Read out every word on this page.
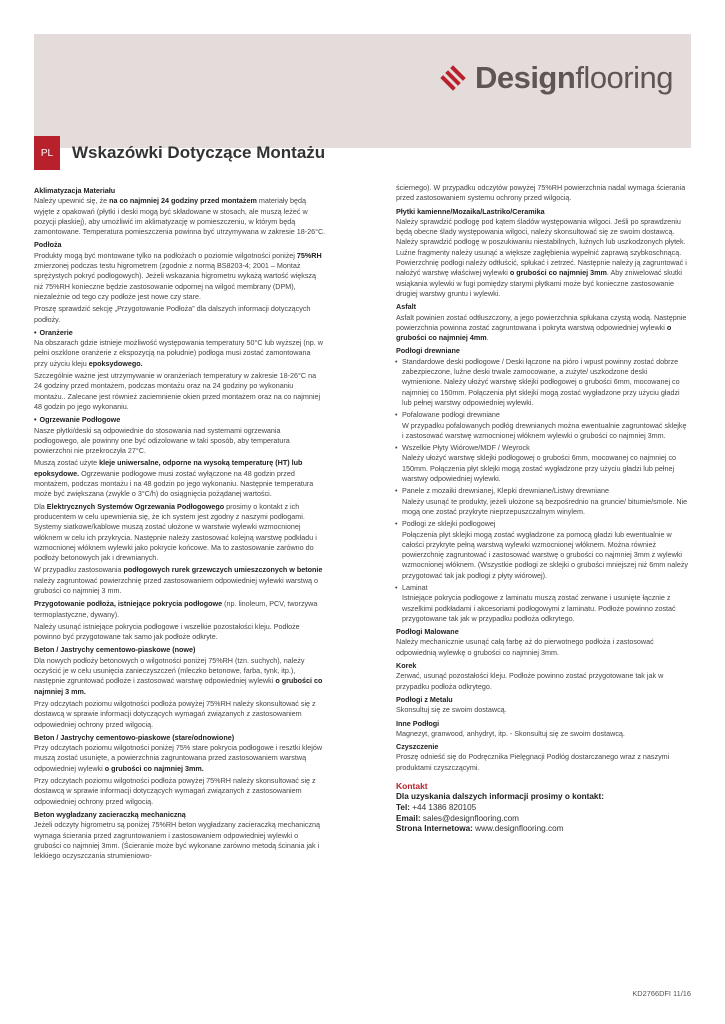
Designflooring
PL	Wskazówki Dotyczące Montażu
Aklimatyzacja Materiału
Należy upewnić się, że na co najmniej 24 godziny przed montażem materiały będą wyjęte z opakowań (płytki i deski mogą być składowane w stosach, ale muszą leżeć w pozycji płaskiej), aby umożliwić im aklimatyzację w pomieszczeniu, w którym będą zamontowane. Temperatura pomieszczenia powinna być utrzymywana w zakresie 18-26°C.
Podłoża
Produkty mogą być montowane tylko na podłożach o poziomie wilgotności poniżej 75%RH zmierzonej podczas testu higrometrem (zgodnie z normą BS8203-4; 2001 – Montaż sprężystych pokryć podłogowych). Jeżeli wskazania higrometru wykażą wartość większą niż 75%RH konieczne będzie zastosowanie odpornej na wilgoć membrany (DPM), niezależnie od tego czy podłoże jest nowe czy stare.
Proszę sprawdzić sekcję „Przygotowanie Podłoża” dla dalszych informacji dotyczących podłoży.
• Oranżerie
Na obszarach gdzie istnieje możliwość występowania temperatury 50°C lub wyższej (np. w pełni oszklone oranżerie z ekspozycją na południe) podłoga musi zostać zamontowana przy użyciu kleju epoksydowego.
Szczególnie ważne jest utrzymywanie w oranżeriach temperatury w zakresie 18-26°C na 24 godziny przed montażem, podczas montażu oraz na 24 godziny po wykonaniu montażu.. Zalecane jest również zaciemnienie okien przed montażem oraz na co najmniej 48 godzin po jego wykonaniu.
• Ogrzewanie Podłogowe
Nasze płytki/deski są odpowiednie do stosowania nad systemami ogrzewania podłogowego, ale powinny one być odizolowane w taki sposób, aby temperatura powierzchni nie przekroczyła 27°C.
Muszą zostać użyte kleje uniwersalne, odporne na wysoką temperaturę (HT) lub epoksydowe. Ogrzewanie podłogowe musi zostać wyłączone na 48 godzin przed montażem, podczas montażu i na 48 godzin po jego wykonaniu. Następnie temperatura może być zwiększana (zwykle o 3°C/h) do osiągnięcia pożądanej wartości.
Dla Elektrycznych Systemów Ogrzewania Podłogowego prosimy o kontakt z ich producentem w celu upewnienia się, że ich system jest zgodny z naszymi podłogami. Systemy siatkowe/kablowe muszą zostać ułożone w warstwie wylewki wzmocnionej włóknem w celu ich przykrycia. Następnie należy zastosować kolejną warstwę podkładu i wzmocnionej włóknem wylewki jako pokrycie końcowe. Ma to zastosowanie zarówno do podłoży betonowych jak i drewnianych.
W przypadku zastosowania podłogowych rurek grzewczych umieszczonych w betonie należy zagruntować powierzchnię przed zastosowaniem odpowiedniej wylewki warstwą o grubości co najmniej 3 mm.
Przygotowanie podłoża, istniejące pokrycia podłogowe (np. linoleum, PCV, tworzywa termoplastyczne, dywany).
Należy usunąć istniejące pokrycia podłogowe i wszelkie pozostałości kleju. Podłoże powinno być przygotowane tak samo jak podłoże odkryte.
Beton / Jastrychy cementowo-piaskowe (nowe)
Dla nowych podłoży betonowych o wilgotności poniżej 75%RH (tzn. suchych), należy oczyścić je w celu usunięcia zanieczyszczeń (mleczko betonowe, farba, tynk, itp.), następnie zgruntować podłoże i zastosować warstwę odpowiedniej wylewki o grubości co najmniej 3 mm.
Przy odczytach poziomu wilgotności podłoża powyżej 75%RH należy skonsultować się z dostawcą w sprawie informacji dotyczących wymagań związanych z zastosowaniem odpowiedniej ochrony przed wilgocią.
Beton / Jastrychy cementowo-piaskowe (stare/odnowione)
Przy odczytach poziomu wilgotności poniżej 75% stare pokrycia podłogowe i resztki klejów muszą zostać usunięte, a powierzchnia zagruntowana przed zastosowaniem warstwą odpowiedniej wylewki o grubości co najmniej 3mm.
Przy odczytach poziomu wilgotności podłoża powyżej 75%RH należy skonsultować się z dostawcą w sprawie informacji dotyczących wymagań związanych z zastosowaniem odpowiedniej ochrony przed wilgocią.
Beton wygładzany zacieraczką mechaniczną
Jeżeli odczyty higrometru są poniżej 75%RH beton wygładzany zacieraczką mechaniczną wymaga ścierania przed zagruntowaniem i zastosowaniem odpowiedniej wylewki o grubości co najmniej 3mm. (Ścieranie może być wykonane zarówno metodą ścinania jak i lekkiego oczyszczania strumieniowo-
ściernego). W przypadku odczytów powyżej 75%RH powierzchnia nadal wymaga ścierania przed zastosowaniem systemu ochrony przed wilgocią.
Płytki kamienne/Mozaika/Lastriko/Ceramika
Należy sprawdzić podłogę pod kątem śladów występowania wilgoci. Jeśli po sprawdzeniu będą obecne ślady występowania wilgoci, należy skonsultować się ze swoim dostawcą. Należy sprawdzić podłogę w poszukiwaniu niestabilnych, luźnych lub uszkodzonych płytek. Luźne fragmenty należy usunąć a większe zagłębienia wypełnić zaprawą szybkoschnącą. Powierzchnię podłogi należy odtłuścić, spłukać i zetrzeć. Następnie należy ją zagruntować i nałożyć warstwę właściwej wylewki o grubości co najmniej 3mm. Aby zniwelować skutki wsiąkania wylewki w fugi pomiędzy starymi płytkami może być konieczne zastosowanie drugiej warstwy gruntu i wylewki.
Asfalt
Asfalt powinien zostać odtłuszczony, a jego powierzchnia spłukana czystą wodą. Następnie powierzchnia powinna zostać zagruntowana i pokryta warstwą odpowiedniej wylewki o grubości co najmniej 4mm.
Podłogi drewniane
• Standardowe deski podłogowe / Deski łączone na pióro i wpust powinny zostać dobrze zabezpieczone, luźne deski trwale zamocowane, a zużyte/ uszkodzone deski wymienione. Należy ułożyć warstwę sklejki podłogowej o grubości 6mm, mocowanej co najmniej co 150mm. Połączenia płyt sklejki mogą zostać wygładzone przy użyciu gładzi lub pełnej warstwy odpowiedniej wylewki.
• Pofalowane podłogi drewniane
W przypadku pofalowanych podłóg drewnianych można ewentualnie zagruntować sklejkę i zastosować warstwę wzmocnionej włóknem wylewki o grubości co najmniej 3mm.
• Wszelkie Płyty Wiórowe/MDF / Weyrock
Należy ułożyć warstwę sklejki podłogowej o grubości 6mm, mocowanej co najmniej co 150mm. Połączenia płyt sklejki mogą zostać wygładzone przy użyciu gładzi lub pełnej warstwy odpowiedniej wylewki.
• Panele z mozaiki drewnianej, Klepki drewniane/Listwy drewniane
Należy usunąć te produkty, jeżeli ułożone są bezpośrednio na gruncie/ bitumie/smole. Nie mogą one zostać przykryte nieprzepuszczalnym winylem.
• Podłogi ze sklejki podłogowej
Połączenia płyt sklejki mogą zostać wygładzone za pomocą gładzi lub ewentualnie w całości przykryte pełną warstwą wylewki wzmocnionej włóknem. Można również powierzchnię zagruntować i zastosować warstwę o grubości co najmniej 3mm z wylewki wzmocnionej włóknem. (Wszystkie podłogi ze sklejki o grubości mniejszej niż 6mm należy przygotować tak jak podłogi z płyty wiórowej).
• Laminat
Istniejące pokrycia podłogowe z laminatu muszą zostać zerwane i usunięte łącznie z wszelkimi podkładami i akcesoriami podłogowymi z laminatu. Podłoże powinno zostać przygotowane tak jak w przypadku podłoża odkrytego.
Podłogi Malowane
Należy mechanicznie usunąć całą farbę aż do pierwotnego podłoża i zastosować odpowiednią wylewkę o grubości co najmniej 3mm.
Korek
Zerwać, usunąć pozostałości kleju. Podłoże powinno zostać przygotowane tak jak w przypadku podłoża odkrytego.
Podłogi z Metalu
Skonsultuj się ze swoim dostawcą.
Inne Podłogi
Magnezyt, granwood, anhydryt, itp. - Skonsultuj się ze swoim dostawcą.
Czyszczenie
Proszę odnieść się do Podręcznika Pielęgnacji Podłóg dostarczanego wraz z naszymi produktami czyszczącymi.
Kontakt
Dla uzyskania dalszych informacji prosimy o kontakt:
Tel: +44 1386 820105
Email: sales@designflooring.com
Strona Internetowa: www.designflooring.com
KD2766DFI 11/16
